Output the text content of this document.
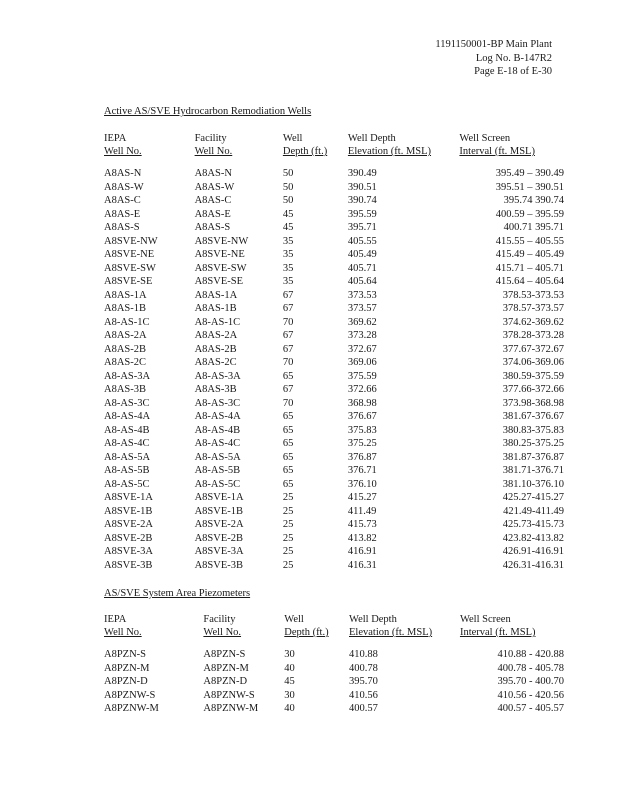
1191150001-BP Main Plant
Log No. B-147R2
Page E-18 of E-30
Active AS/SVE Hydrocarbon Remodiation Wells
IEPA	Facility	Well	Well Depth	Well Screen
Well No.	Well No.	Depth (ft.)	Elevation (ft. MSL)	Interval (ft. MSL)

A8AS-N	A8AS-N	50	390.49	395.49 – 390.49
A8AS-W	A8AS-W	50	390.51	395.51 – 390.51
A8AS-C	A8AS-C	50	390.74	395.74 390.74
A8AS-E	A8AS-E	45	395.59	400.59 – 395.59
A8AS-S	A8AS-S	45	395.71	400.71 395.71
A8SVE-NW	A8SVE-NW	35	405.55	415.55 – 405.55
A8SVE-NE	A8SVE-NE	35	405.49	415.49 – 405.49
A8SVE-SW	A8SVE-SW	35	405.71	415.71 – 405.71
A8SVE-SE	A8SVE-SE	35	405.64	415.64 – 405.64
A8AS-1A	A8AS-1A	67	373.53	378.53-373.53
A8AS-1B	A8AS-1B	67	373.57	378.57-373.57
A8-AS-1C	A8-AS-1C	70	369.62	374.62-369.62
A8AS-2A	A8AS-2A	67	373.28	378.28-373.28
A8AS-2B	A8AS-2B	67	372.67	377.67-372.67
A8AS-2C	A8AS-2C	70	369.06	374.06-369.06
A8-AS-3A	A8-AS-3A	65	375.59	380.59-375.59
A8AS-3B	A8AS-3B	67	372.66	377.66-372.66
A8-AS-3C	A8-AS-3C	70	368.98	373.98-368.98
A8-AS-4A	A8-AS-4A	65	376.67	381.67-376.67
A8-AS-4B	A8-AS-4B	65	375.83	380.83-375.83
A8-AS-4C	A8-AS-4C	65	375.25	380.25-375.25
A8-AS-5A	A8-AS-5A	65	376.87	381.87-376.87
A8-AS-5B	A8-AS-5B	65	376.71	381.71-376.71
A8-AS-5C	A8-AS-5C	65	376.10	381.10-376.10
A8SVE-1A	A8SVE-1A	25	415.27	425.27-415.27
A8SVE-1B	A8SVE-1B	25	411.49	421.49-411.49
A8SVE-2A	A8SVE-2A	25	415.73	425.73-415.73
A8SVE-2B	A8SVE-2B	25	413.82	423.82-413.82
A8SVE-3A	A8SVE-3A	25	416.91	426.91-416.91
A8SVE-3B	A8SVE-3B	25	416.31	426.31-416.31
AS/SVE System Area Piezometers
IEPA	Facility	Well	Well Depth	Well Screen
Well No.	Well No.	Depth (ft.)	Elevation (ft. MSL)	Interval (ft. MSL)

A8PZN-S	A8PZN-S	30	410.88	410.88 - 420.88
A8PZN-M	A8PZN-M	40	400.78	400.78 - 405.78
A8PZN-D	A8PZN-D	45	395.70	395.70 - 400.70
A8PZNW-S	A8PZNW-S	30	410.56	410.56 - 420.56
A8PZNW-M	A8PZNW-M	40	400.57	400.57 - 405.57
